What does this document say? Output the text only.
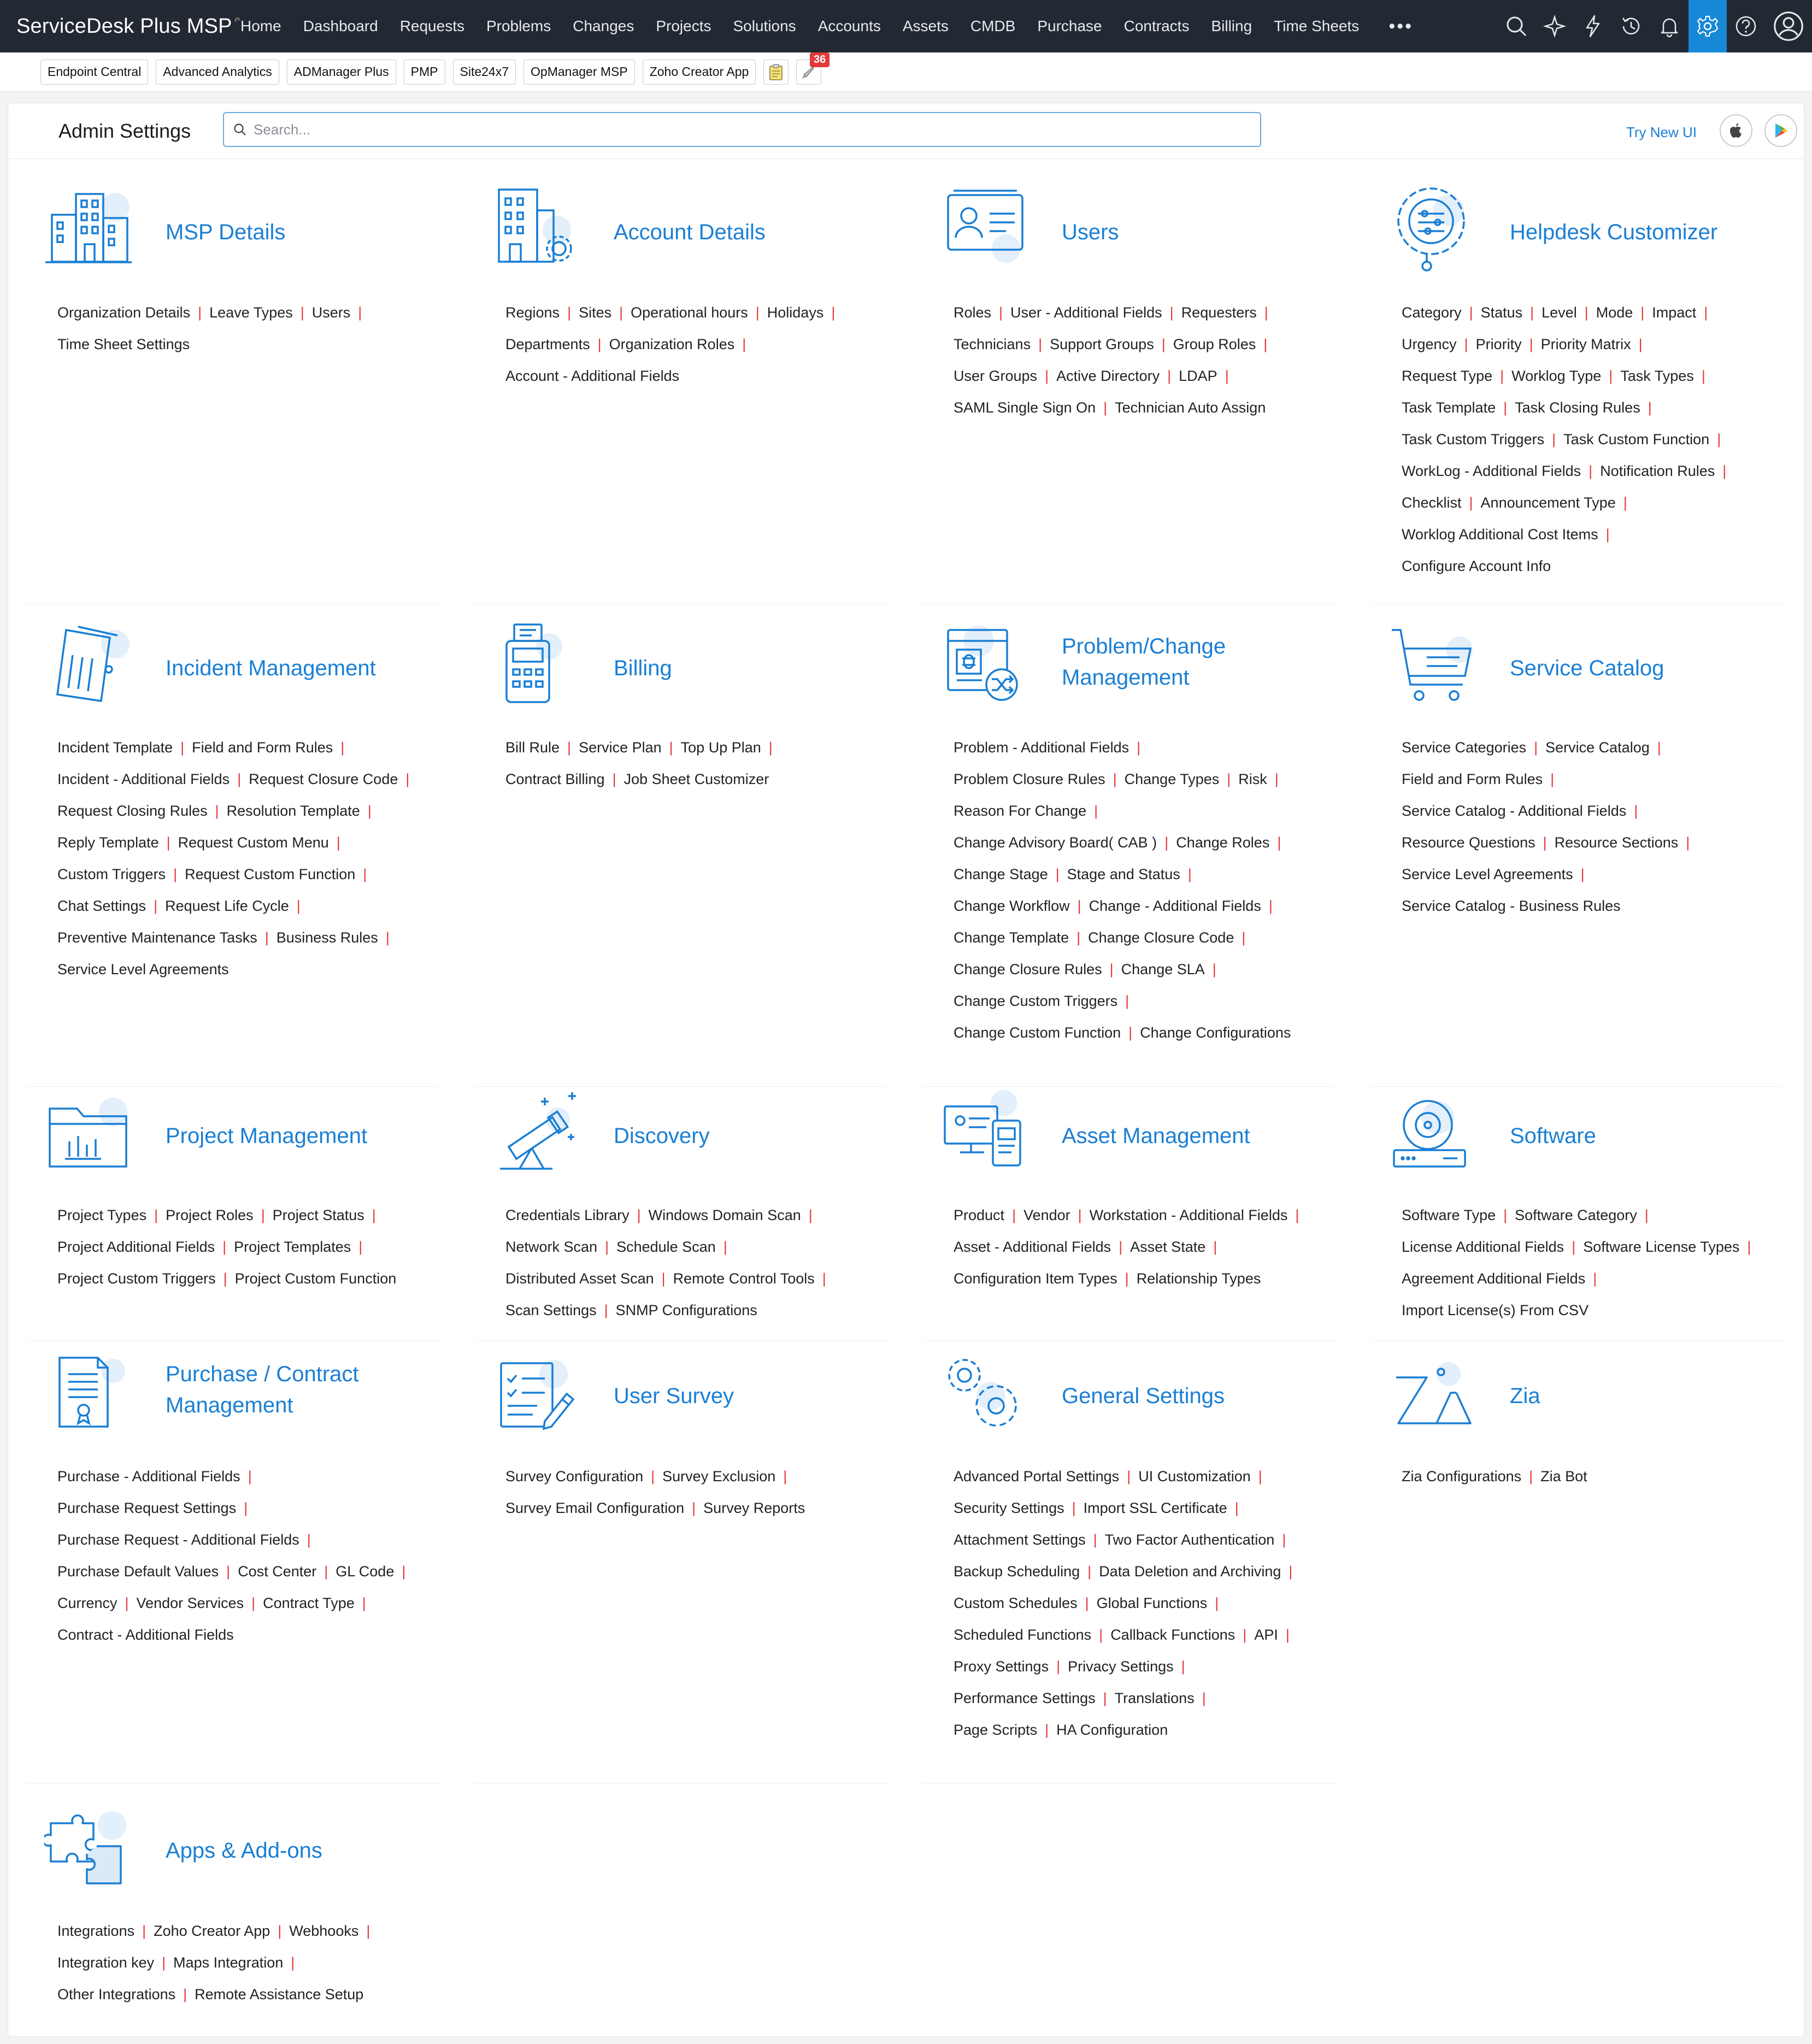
ServiceDesk Plus MSP Home Dashboard Requests Problems Changes Projects Solutions Accounts Assets CMDB Purchase Contracts Billing Time Sheets •••
Endpoint Central	Advanced Analytics	ADManager Plus	PMP	Site24x7	OpManager MSP	Zoho Creator App
36
Admin Settings
Search...	Try New UI
MSP Details
Organization Details | Leave Types | Users |
Time Sheet Settings
Account Details
Regions | Sites | Operational hours | Holidays |
Departments | Organization Roles |
Account - Additional Fields
Users
Roles | User - Additional Fields | Requesters |
Technicians | Support Groups | Group Roles |
User Groups | Active Directory | LDAP |
SAML Single Sign On | Technician Auto Assign
Helpdesk Customizer
Category | Status | Level | Mode | Impact |
Urgency | Priority | Priority Matrix |
Request Type | Worklog Type | Task Types |
Task Template | Task Closing Rules |
Task Custom Triggers | Task Custom Function |
WorkLog - Additional Fields | Notification Rules |
Checklist | Announcement Type |
Worklog Additional Cost Items |
Configure Account Info
Incident Management
Incident Template | Field and Form Rules |
Incident - Additional Fields | Request Closure Code |
Request Closing Rules | Resolution Template |
Reply Template | Request Custom Menu |
Custom Triggers | Request Custom Function |
Chat Settings | Request Life Cycle |
Preventive Maintenance Tasks | Business Rules |
Service Level Agreements
Billing
Bill Rule | Service Plan | Top Up Plan |
Contract Billing | Job Sheet Customizer
Problem/Change
Management
Problem - Additional Fields |
Problem Closure Rules | Change Types | Risk |
Reason For Change |
Change Advisory Board( CAB ) | Change Roles |
Change Stage | Stage and Status |
Change Workflow | Change - Additional Fields |
Change Template | Change Closure Code |
Change Closure Rules | Change SLA |
Change Custom Triggers |
Change Custom Function | Change Configurations
Service Catalog
Service Categories | Service Catalog |
Field and Form Rules |
Service Catalog - Additional Fields |
Resource Questions | Resource Sections |
Service Level Agreements |
Service Catalog - Business Rules
Project Management
Project Types | Project Roles | Project Status |
Project Additional Fields | Project Templates |
Project Custom Triggers | Project Custom Function
Discovery
Credentials Library | Windows Domain Scan |
Network Scan | Schedule Scan |
Distributed Asset Scan | Remote Control Tools |
Scan Settings | SNMP Configurations
Asset Management
Product | Vendor | Workstation - Additional Fields |
Asset - Additional Fields | Asset State |
Configuration Item Types | Relationship Types
Software
Software Type | Software Category |
License Additional Fields | Software License Types |
Agreement Additional Fields |
Import License(s) From CSV
Purchase / Contract
Management
Purchase - Additional Fields |
Purchase Request Settings |
Purchase Request - Additional Fields |
Purchase Default Values | Cost Center | GL Code |
Currency | Vendor Services | Contract Type |
Contract - Additional Fields
User Survey
Survey Configuration | Survey Exclusion |
Survey Email Configuration | Survey Reports
General Settings
Advanced Portal Settings | UI Customization |
Security Settings | Import SSL Certificate |
Attachment Settings | Two Factor Authentication |
Backup Scheduling | Data Deletion and Archiving |
Custom Schedules | Global Functions |
Scheduled Functions | Callback Functions | API |
Proxy Settings | Privacy Settings |
Performance Settings | Translations |
Page Scripts | HA Configuration
Zia
Zia Configurations | Zia Bot
Apps & Add-ons
Integrations | Zoho Creator App | Webhooks |
Integration key | Maps Integration |
Other Integrations | Remote Assistance Setup
